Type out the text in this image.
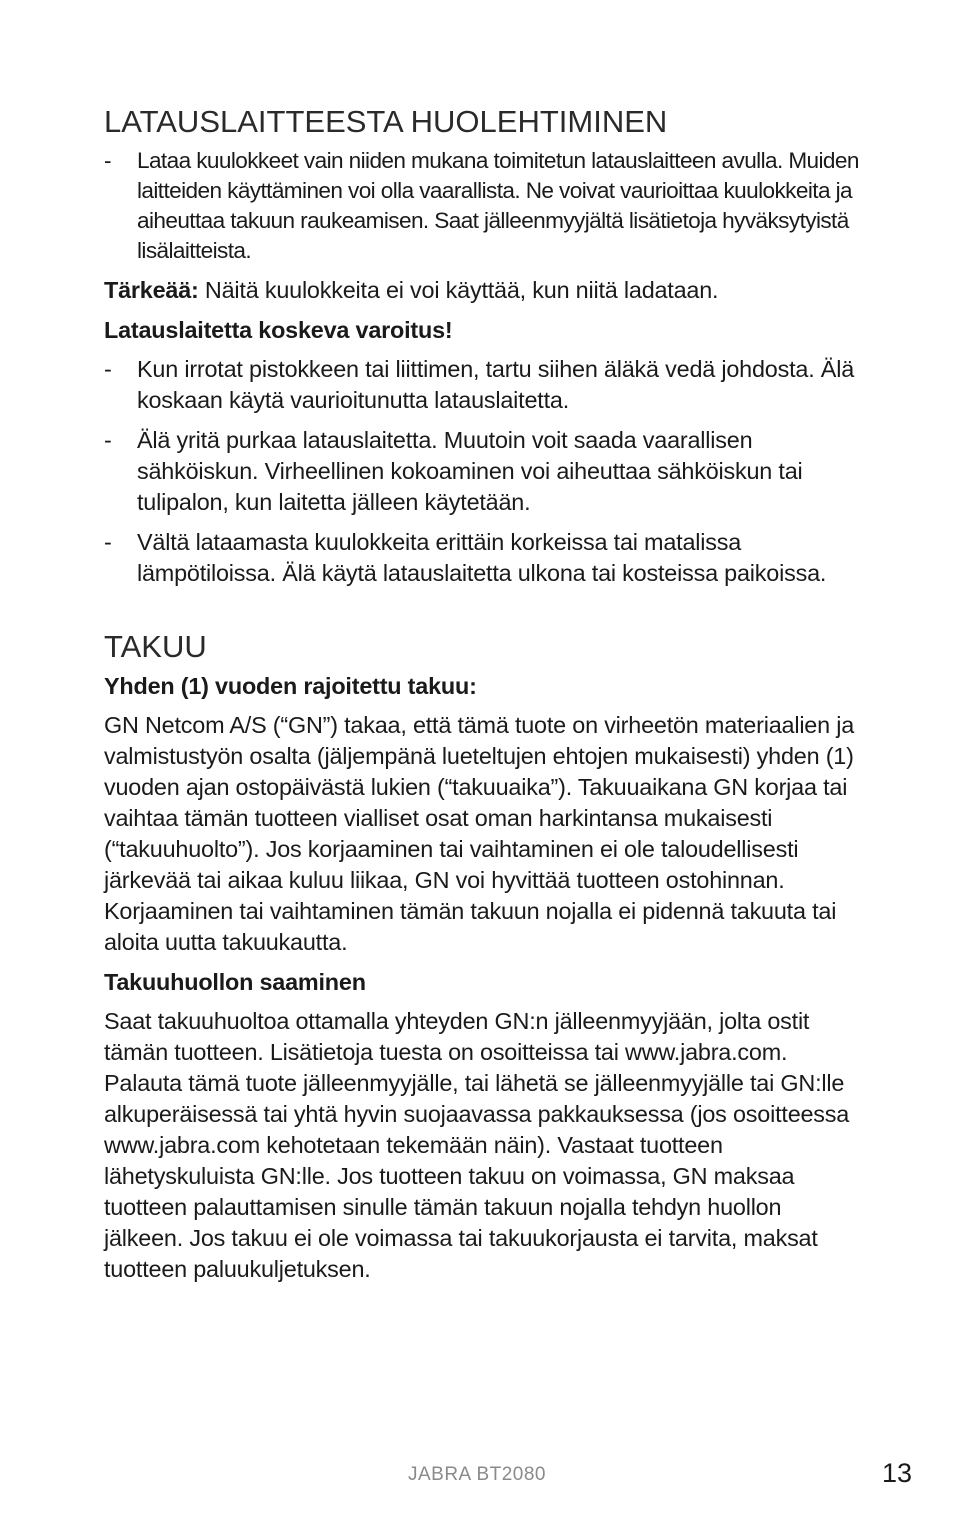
LATAUSLAITTEESTA HUOLEHTIMINEN
- Lataa kuulokkeet vain niiden mukana toimitetun latauslaitteen avulla. Muiden laitteiden käyttäminen voi olla vaarallista. Ne voivat vaurioittaa kuulokkeita ja aiheuttaa takuun raukeamisen. Saat jälleenmyyjältä lisätietoja hyväksytyistä lisälaitteista.

Tärkeää: Näitä kuulokkeita ei voi käyttää, kun niitä ladataan.

Latauslaitetta koskeva varoitus!
- Kun irrotat pistokkeen tai liittimen, tartu siihen äläkä vedä johdosta. Älä koskaan käytä vaurioitunutta latauslaitetta.
- Älä yritä purkaa latauslaitetta. Muutoin voit saada vaarallisen sähköiskun. Virheellinen kokoaminen voi aiheuttaa sähköiskun tai tulipalon, kun laitetta jälleen käytetään.
- Vältä lataamasta kuulokkeita erittäin korkeissa tai matalissa lämpötiloissa. Älä käytä latauslaitetta ulkona tai kosteissa paikoissa.
TAKUU
Yhden (1) vuoden rajoitettu takuu:

GN Netcom A/S (“GN”) takaa, että tämä tuote on virheetön materiaalien ja valmistustyön osalta (jäljempänä lueteltujen ehtojen mukaisesti) yhden (1) vuoden ajan ostopäivästä lukien (“takuuaika”). Takuuaikana GN korjaa tai vaihtaa tämän tuotteen vialliset osat oman harkintansa mukaisesti (“takuuhuolto”). Jos korjaaminen tai vaihtaminen ei ole taloudellisesti järkevää tai aikaa kuluu liikaa, GN voi hyvittää tuotteen ostohinnan. Korjaaminen tai vaihtaminen tämän takuun nojalla ei pidennä takuuta tai aloita uutta takuukautta.

Takuuhuollon saaminen

Saat takuuhuoltoa ottamalla yhteyden GN:n jälleenmyyjään, jolta ostit tämän tuotteen. Lisätietoja tuesta on osoitteissa tai www.jabra.com. Palauta tämä tuote jälleenmyyjälle, tai lähetä se jälleenmyyjälle tai GN:lle alkuperäisessä tai yhtä hyvin suojaavassa pakkauksessa (jos osoitteessa www.jabra.com kehotetaan tekemään näin). Vastaat tuotteen lähetyskuluista GN:lle. Jos tuotteen takuu on voimassa, GN maksaa tuotteen palauttamisen sinulle tämän takuun nojalla tehdyn huollon jälkeen. Jos takuu ei ole voimassa tai takuukorjausta ei tarvita, maksat tuotteen paluukuljetuksen.

JABRA BT2080	13
